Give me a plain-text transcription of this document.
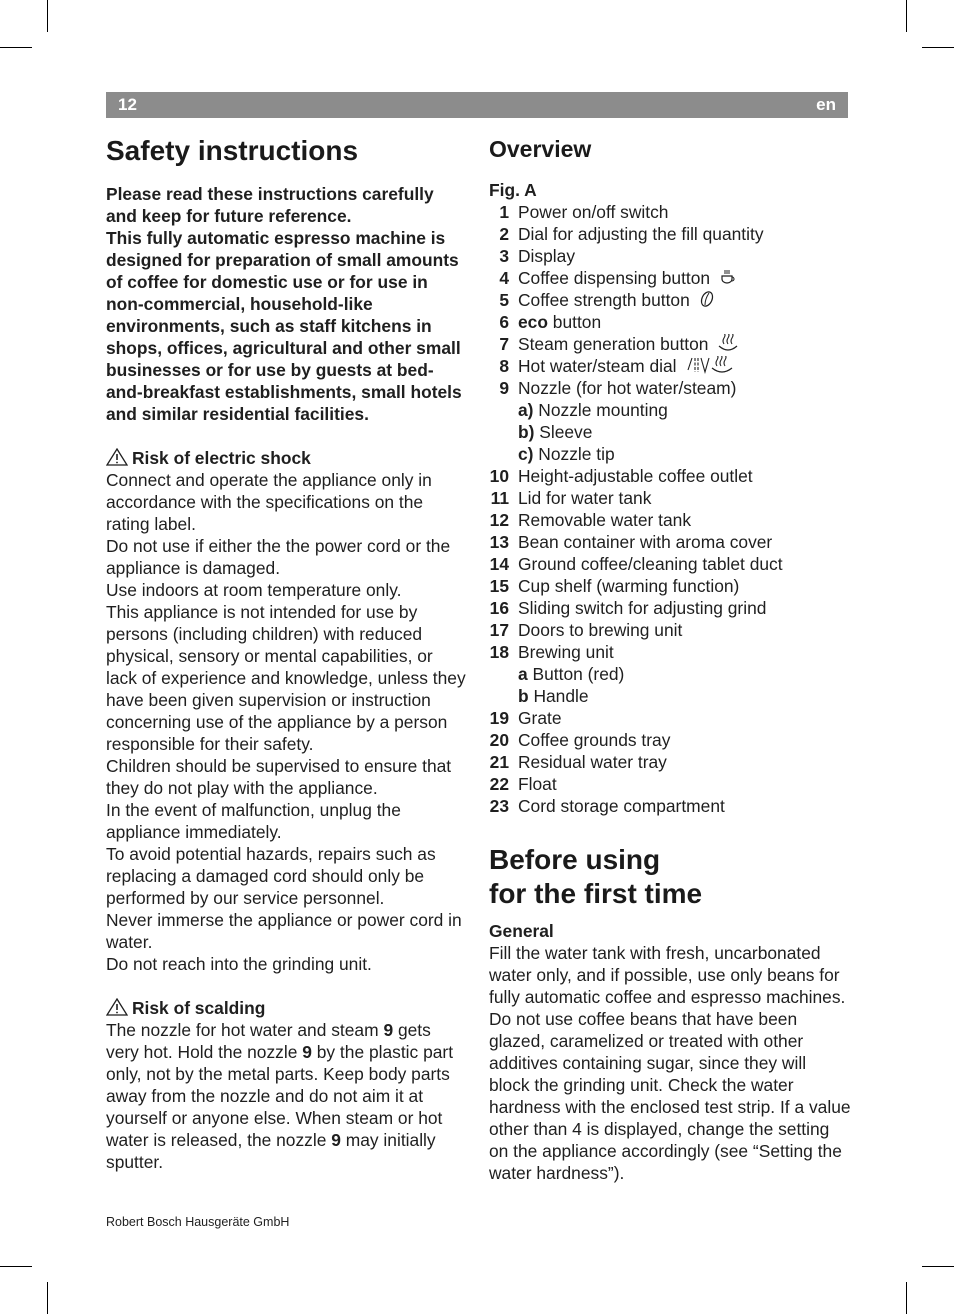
12	en
Safety instructions

Please read these instructions carefully and keep for future reference.

This fully automatic espresso machine is designed for preparation of small amounts of coffee for domestic use or for use in non-commercial, household-like environments, such as staff kitchens in shops, offices, agricultural and other small businesses or for use by guests at bed-and-breakfast establishments, small hotels and similar residential facilities.

Risk of electric shock

Connect and operate the appliance only in accordance with the specifications on the rating label.

Do not use if either the the power cord or the appliance is damaged.

Use indoors at room temperature only.

This appliance is not intended for use by persons (including children) with reduced physical, sensory or mental capabilities, or lack of experience and knowledge, unless they have been given supervision or instruction concerning use of the appliance by a person responsible for their safety.

Children should be supervised to ensure that they do not play with the appliance.

In the event of malfunction, unplug the appliance immediately.

To avoid potential hazards, repairs such as replacing a damaged cord should only be performed by our service personnel.

Never immerse the appliance or power cord in water.

Do not reach into the grinding unit.

Risk of scalding

The nozzle for hot water and steam 9 gets very hot. Hold the nozzle 9 by the plastic part only, not by the metal parts. Keep body parts away from the nozzle and do not aim it at yourself or anyone else. When steam or hot water is released, the nozzle 9 may initially sputter.

Overview

Fig. A

1 Power on/off switch
2 Dial for adjusting the fill quantity
3 Display
4 Coffee dispensing button
5 Coffee strength button
6 eco button
7 Steam generation button
8 Hot water/steam dial
9 Nozzle (for hot water/steam)

a) Nozzle mounting

b) Sleeve

c) Nozzle tip

10 Height-adjustable coffee outlet
11 Lid for water tank
12 Removable water tank
13 Bean container with aroma cover
14 Ground coffee/cleaning tablet duct
15 Cup shelf (warming function)
16 Sliding switch for adjusting grind
17 Doors to brewing unit
18 Brewing unit

a Button (red)

b Handle

19 Grate
20 Coffee grounds tray
21 Residual water tray
22 Float
23 Cord storage compartment
Before using
for the first time

General

Fill the water tank with fresh, uncarbonated water only, and if possible, use only beans for fully automatic coffee and espresso machines. Do not use coffee beans that have been glazed, caramelized or treated with other additives containing sugar, since they will block the grinding unit. Check the water hardness with the enclosed test strip. If a value other than 4 is displayed, change the setting on the appliance accordingly (see “Setting the water hardness”).

Robert Bosch Hausgeräte GmbH
